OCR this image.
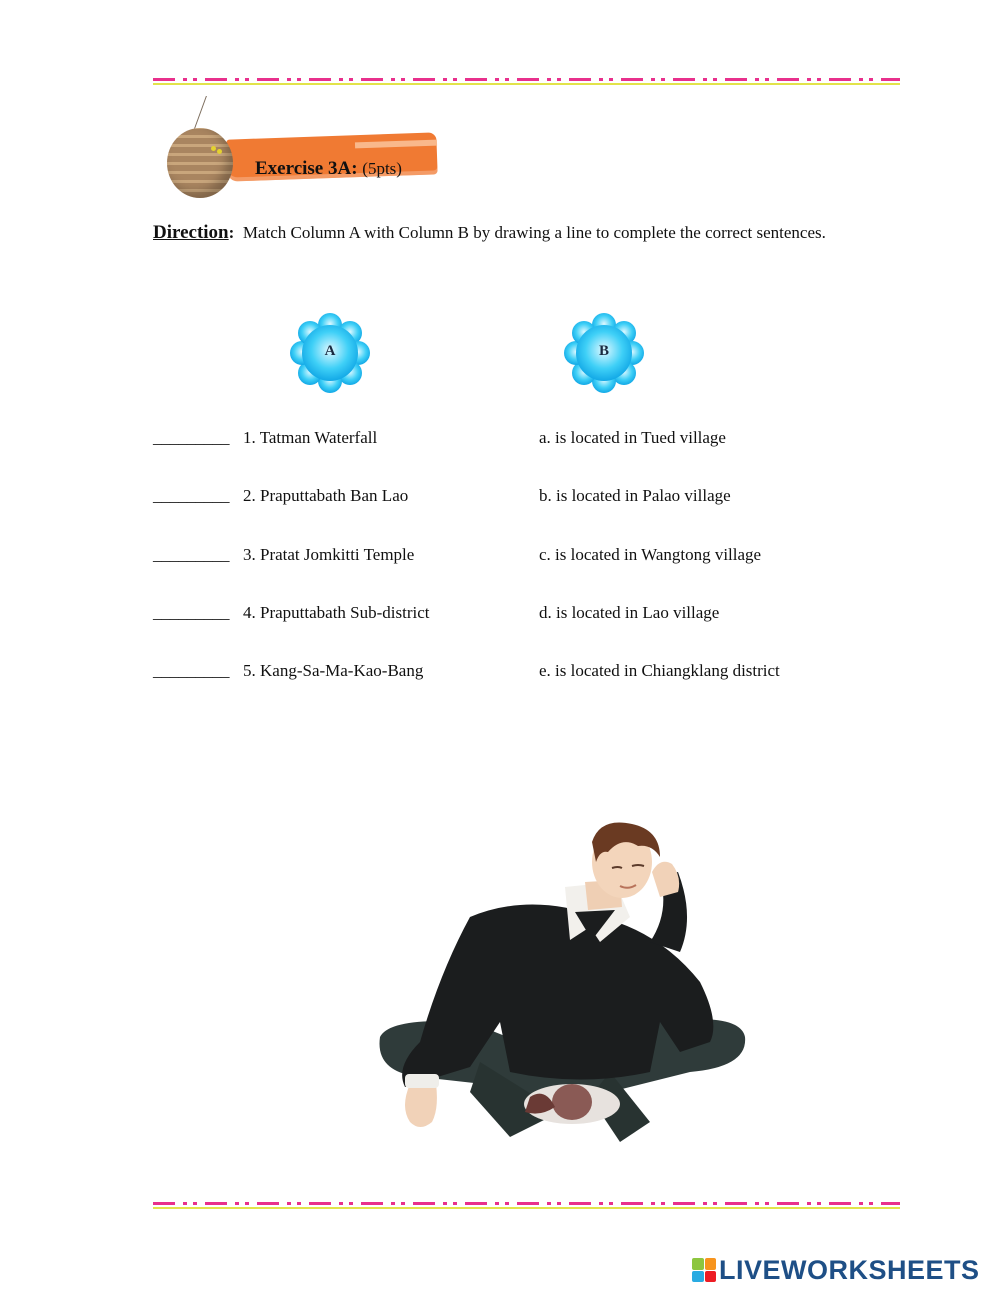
Exercise 3A: (5pts)
Direction: Match Column A with Column B by drawing a line to complete the correct sentences.
A	B
_________ 1. Tatman Waterfall	a. is located in Tued village
_________ 2. Praputtabath Ban Lao	b. is located in Palao village
_________ 3. Pratat Jomkitti Temple	c. is located in Wangtong village
_________ 4. Praputtabath Sub-district	d. is located in Lao village
_________ 5. Kang-Sa-Ma-Kao-Bang	e. is located in Chiangklang district
LIVEWORKSHEETS
